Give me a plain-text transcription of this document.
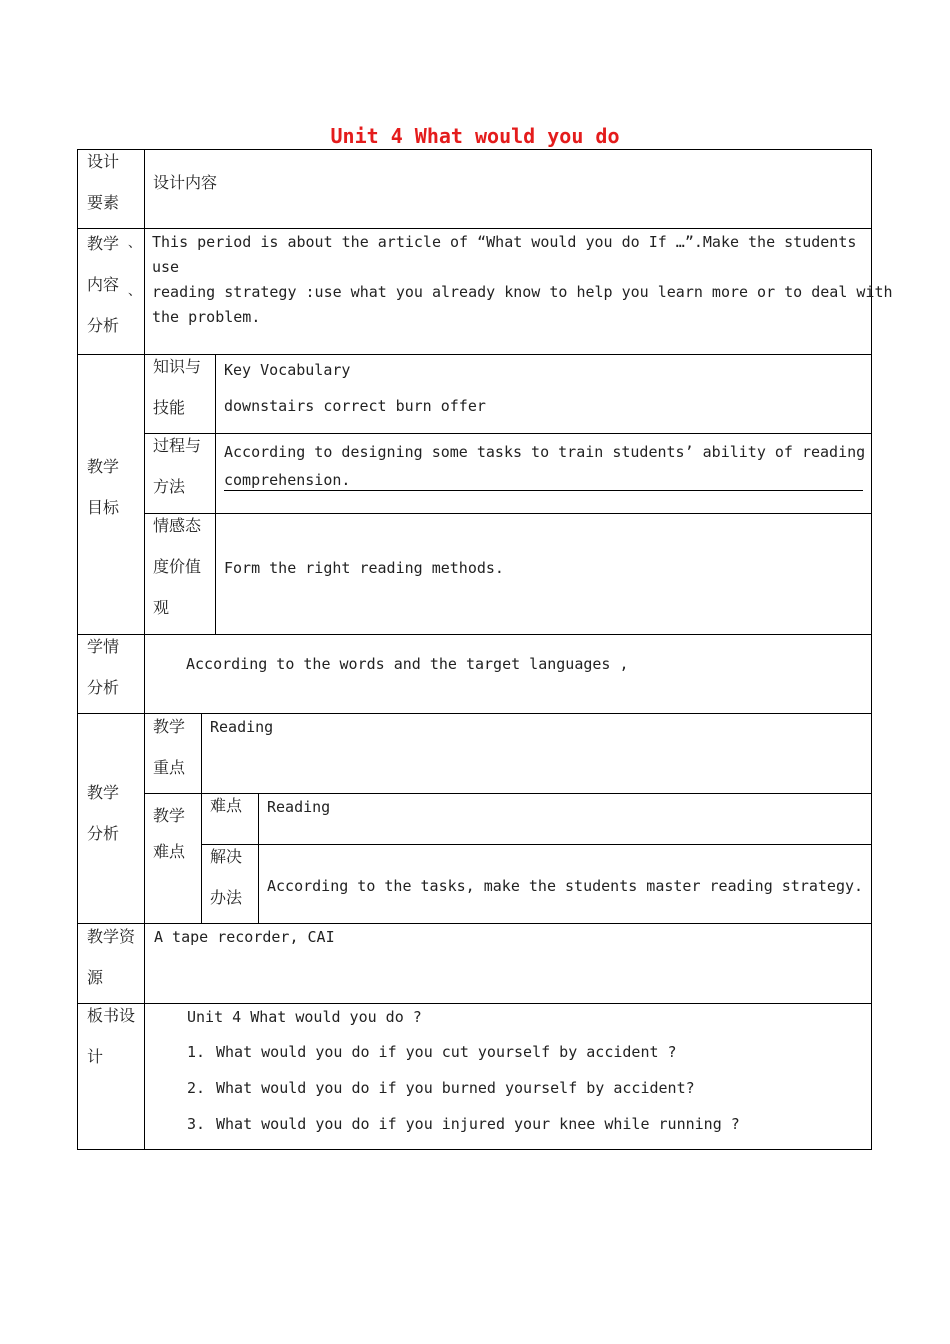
Unit 4 What would you do
设计
要素
设计内容
教学
内容
分析
、
、
This period is about the article of “What would you do If …”.Make the students
use
reading strategy :use what you already know to help you learn more or to deal with
the problem.
教学
目标
知识与
技能
Key Vocabulary
downstairs correct burn offer
过程与
方法
According to designing some tasks to train students’ ability of reading
comprehension.
情感态
度价值
观
Form the right reading methods.
学情
分析
According to the words and the target languages ,
教学
分析
教学
重点
Reading
教学
难点
难点 Reading
解决
办法
According to the tasks, make the students master reading strategy.
教学资
源
A tape recorder, CAI
板书设
计
Unit 4 What would you do ?
1. What would you do if you cut yourself by accident ?
2. What would you do if you burned yourself by accident?
3. What would you do if you injured your knee while running ?
